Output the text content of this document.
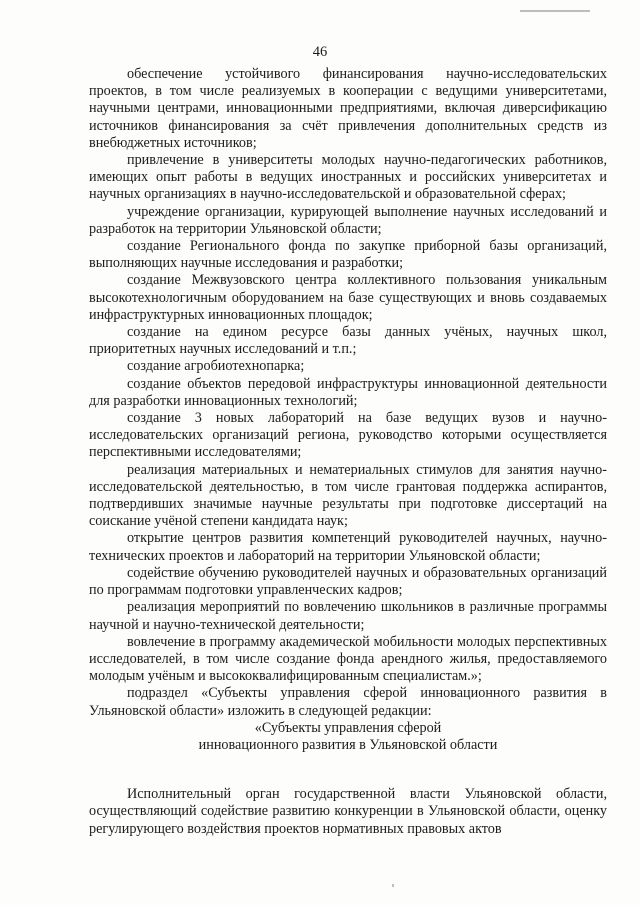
46

обеспечение устойчивого финансирования научно-исследовательских проектов, в том числе реализуемых в кооперации с ведущими университетами, научными центрами, инновационными предприятиями, включая диверсификацию источников финансирования за счёт привлечения дополнительных средств из внебюджетных источников;

привлечение в университеты молодых научно-педагогических работников, имеющих опыт работы в ведущих иностранных и российских университетах и научных организациях в научно-исследовательской и образовательной сферах;

учреждение организации, курирующей выполнение научных исследований и разработок на территории Ульяновской области;

создание Регионального фонда по закупке приборной базы организаций, выполняющих научные исследования и разработки;

создание Межвузовского центра коллективного пользования уникальным высокотехнологичным оборудованием на базе существующих и вновь создаваемых инфраструктурных инновационных площадок;

создание на едином ресурсе базы данных учёных, научных школ, приоритетных научных исследований и т.п.;

создание агробиотехнопарка;

создание объектов передовой инфраструктуры инновационной деятельности для разработки инновационных технологий;

создание 3 новых лабораторий на базе ведущих вузов и научно-исследовательских организаций региона, руководство которыми осуществляется перспективными исследователями;

реализация материальных и нематериальных стимулов для занятия научно-исследовательской деятельностью, в том числе грантовая поддержка аспирантов, подтвердивших значимые научные результаты при подготовке диссертаций на соискание учёной степени кандидата наук;

открытие центров развития компетенций руководителей научных, научно-технических проектов и лабораторий на территории Ульяновской области;

содействие обучению руководителей научных и образовательных организаций по программам подготовки управленческих кадров;

реализация мероприятий по вовлечению школьников в различные программы научной и научно-технической деятельности;

вовлечение в программу академической мобильности молодых перспективных исследователей, в том числе создание фонда арендного жилья, предоставляемого молодым учёным и высококвалифицированным специалистам.»;

подраздел «Субъекты управления сферой инновационного развития в Ульяновской области» изложить в следующей редакции:

«Субъекты управления сферой

инновационного развития в Ульяновской области

Исполнительный орган государственной власти Ульяновской области, осуществляющий содействие развитию конкуренции в Ульяновской области, оценку регулирующего воздействия проектов нормативных правовых актов
